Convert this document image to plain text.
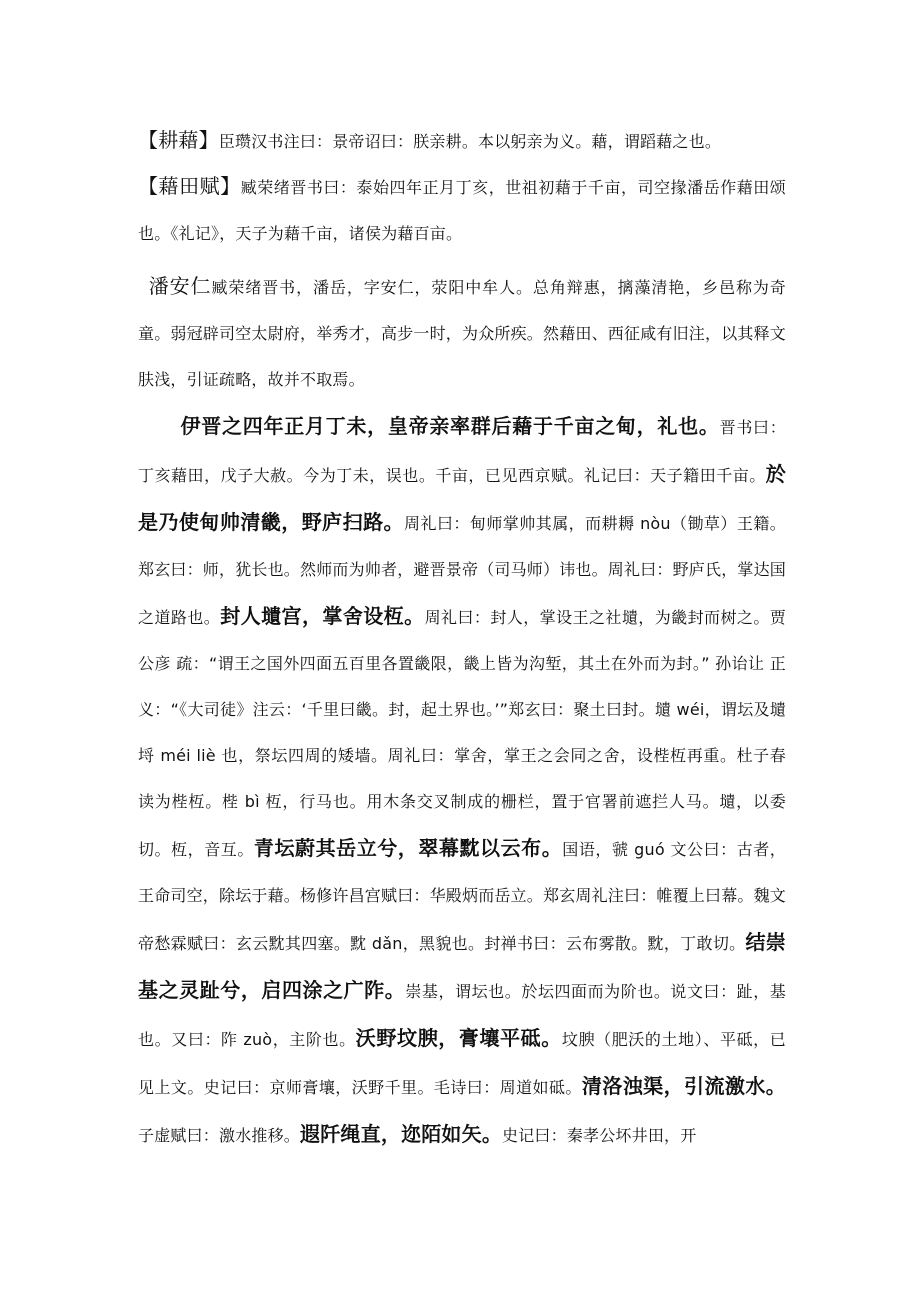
【耕藉】臣瓒汉书注曰：景帝诏曰：朕亲耕。本以躬亲为义。藉，谓蹈藉之也。

【藉田赋】臧荣绪晋书曰：泰始四年正月丁亥，世祖初藉于千亩，司空掾潘岳作藉田颂也。《礼记》，天子为藉千亩，诸侯为藉百亩。

潘安仁臧荣绪晋书，潘岳，字安仁，荥阳中牟人。总角辩惠，摛藻清艳，乡邑称为奇童。弱冠辟司空太尉府，举秀才，高步一时，为众所疾。然藉田、西征咸有旧注，以其释文肤浅，引证疏略，故并不取焉。

伊晋之四年正月丁未，皇帝亲率群后藉于千亩之甸，礼也。晋书曰：丁亥藉田，戊子大赦。今为丁未，误也。千亩，已见西京赋。礼记曰：天子籍田千亩。於是乃使甸帅清畿，野庐扫路。周礼曰：甸师掌帅其属，而耕耨 nòu（锄草）王籍。郑玄曰：师，犹长也。然师而为帅者，避晋景帝（司马师）讳也。周礼曰：野庐氏，掌达国之道路也。封人壝宫，掌舍设枑。周礼曰：封人，掌设王之社壝，为畿封而树之。贾公彦 疏：“谓王之国外四面五百里各置畿限，畿上皆为沟堑，其土在外而为封。” 孙诒让 正义：“《大司徒》注云：‘千里曰畿。封，起土界也。’”郑玄曰：聚土曰封。壝 wéi，谓坛及壝埒 méi liè 也，祭坛四周的矮墙。周礼曰：掌舍，掌王之会同之舍，设梐枑再重。杜子春读为梐枑。梐 bì 枑，行马也。用木条交叉制成的栅栏，置于官署前遮拦人马。壝，以委切。枑，音互。青坛蔚其岳立兮，翠幕黕以云布。国语，虢 guó 文公曰：古者，王命司空，除坛于藉。杨修许昌宫赋曰：华殿炳而岳立。郑玄周礼注曰：帷覆上曰幕。魏文帝愁霖赋曰：玄云黕其四塞。黕 dǎn，黑貌也。封禅书曰：云布雾散。黕，丁敢切。结崇基之灵趾兮，启四涂之广阼。崇基，谓坛也。於坛四面而为阶也。说文曰：趾，基也。又曰：阼 zuò，主阶也。沃野坟腴，膏壤平砥。坟腴（肥沃的土地）、平砥，已见上文。史记曰：京师膏壤，沃野千里。毛诗曰：周道如砥。清洛浊渠，引流激水。子虚赋曰：激水推移。遐阡绳直，迩陌如矢。史记曰：秦孝公坏井田，开
